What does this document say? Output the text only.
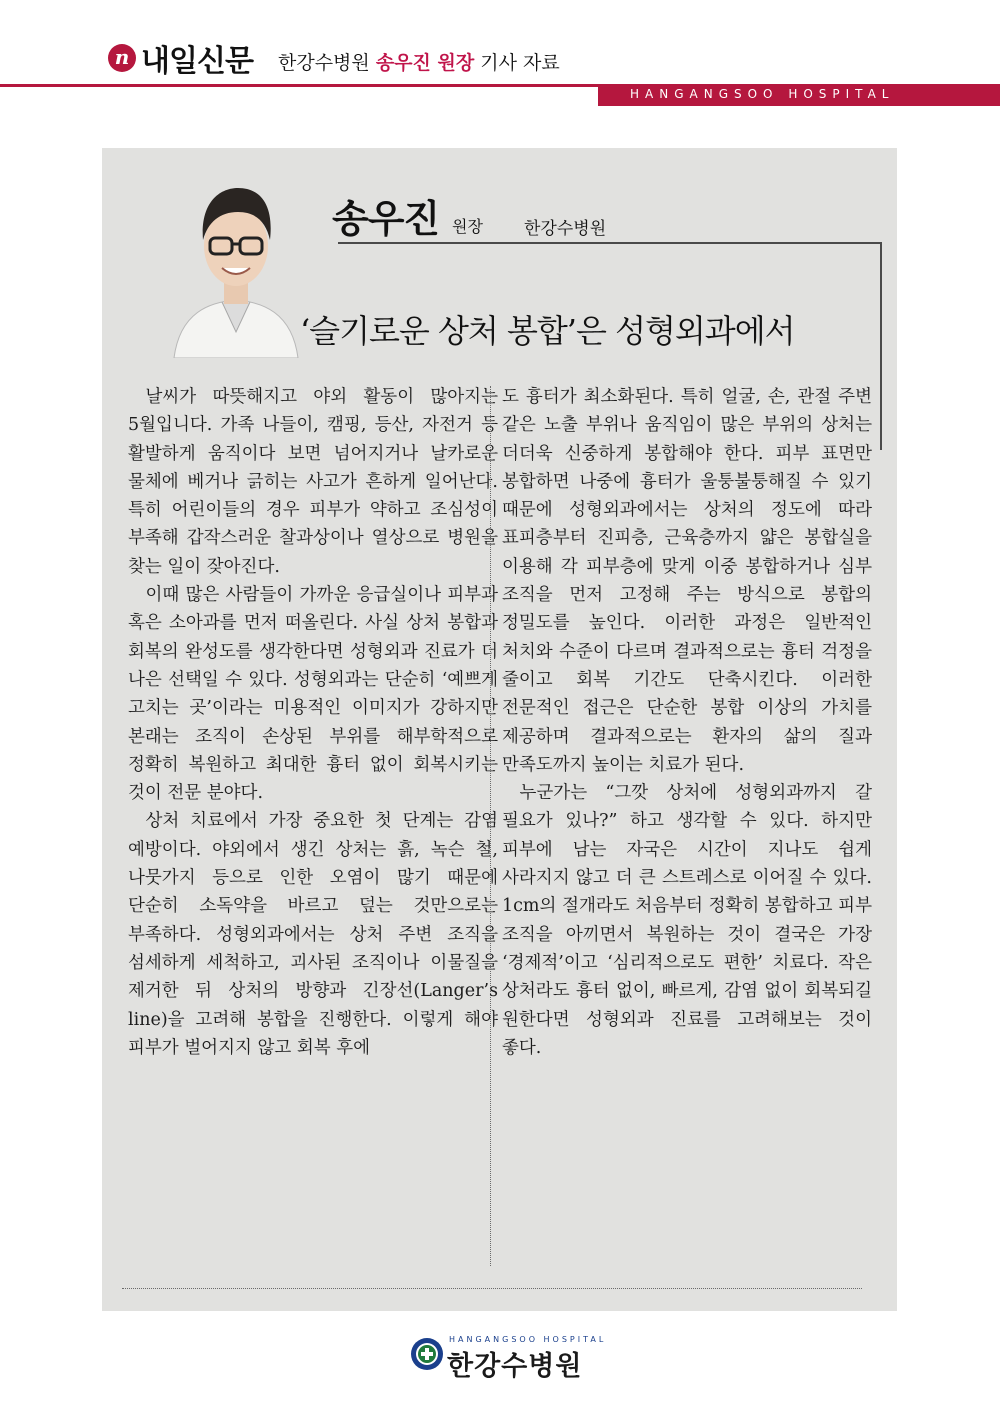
n 내일신문 한강수병원 송우진 원장 기사 자료
HANGANGSOO HOSPITAL
송우진 원장 한강수병원
‘슬기로운 상처 봉합’은 성형외과에서

날씨가 따뜻해지고 야외 활동이 많아지는 5월입니다. 가족 나들이, 캠핑, 등산, 자전거 등 활발하게 움직이다 보면 넘어지거나 날카로운 물체에 베거나 긁히는 사고가 흔하게 일어난다. 특히 어린이들의 경우 피부가 약하고 조심성이 부족해 갑작스러운 찰과상이나 열상으로 병원을 찾는 일이 잦아진다.

이때 많은 사람들이 가까운 응급실이나 피부과 혹은 소아과를 먼저 떠올린다. 사실 상처 봉합과 회복의 완성도를 생각한다면 성형외과 진료가 더 나은 선택일 수 있다. 성형외과는 단순히 ‘예쁘게 고치는 곳’이라는 미용적인 이미지가 강하지만 본래는 조직이 손상된 부위를 해부학적으로 정확히 복원하고 최대한 흉터 없이 회복시키는 것이 전문 분야다.

상처 치료에서 가장 중요한 첫 단계는 감염 예방이다. 야외에서 생긴 상처는 흙, 녹슨 철, 나뭇가지 등으로 인한 오염이 많기 때문에 단순히 소독약을 바르고 덮는 것만으로는 부족하다. 성형외과에서는 상처 주변 조직을 섬세하게 세척하고, 괴사된 조직이나 이물질을 제거한 뒤 상처의 방향과 긴장선(Langer’s line)을 고려해 봉합을 진행한다. 이렇게 해야 피부가 벌어지지 않고 회복 후에

도 흉터가 최소화된다. 특히 얼굴, 손, 관절 주변 같은 노출 부위나 움직임이 많은 부위의 상처는 더더욱 신중하게 봉합해야 한다. 피부 표면만 봉합하면 나중에 흉터가 울퉁불퉁해질 수 있기 때문에 성형외과에서는 상처의 정도에 따라 표피층부터 진피층, 근육층까지 얇은 봉합실을 이용해 각 피부층에 맞게 이중 봉합하거나 심부 조직을 먼저 고정해 주는 방식으로 봉합의 정밀도를 높인다. 이러한 과정은 일반적인 처치와 수준이 다르며 결과적으로는 흉터 걱정을 줄이고 회복 기간도 단축시킨다. 이러한 전문적인 접근은 단순한 봉합 이상의 가치를 제공하며 결과적으로는 환자의 삶의 질과 만족도까지 높이는 치료가 된다.

누군가는 “그깟 상처에 성형외과까지 갈 필요가 있나?” 하고 생각할 수 있다. 하지만 피부에 남는 자국은 시간이 지나도 쉽게 사라지지 않고 더 큰 스트레스로 이어질 수 있다. 1cm의 절개라도 처음부터 정확히 봉합하고 피부 조직을 아끼면서 복원하는 것이 결국은 가장 ‘경제적’이고 ‘심리적으로도 편한’ 치료다. 작은 상처라도 흉터 없이, 빠르게, 감염 없이 회복되길 원한다면 성형외과 진료를 고려해보는 것이 좋다.

HANGANGSOO HOSPITAL
한강수병원
